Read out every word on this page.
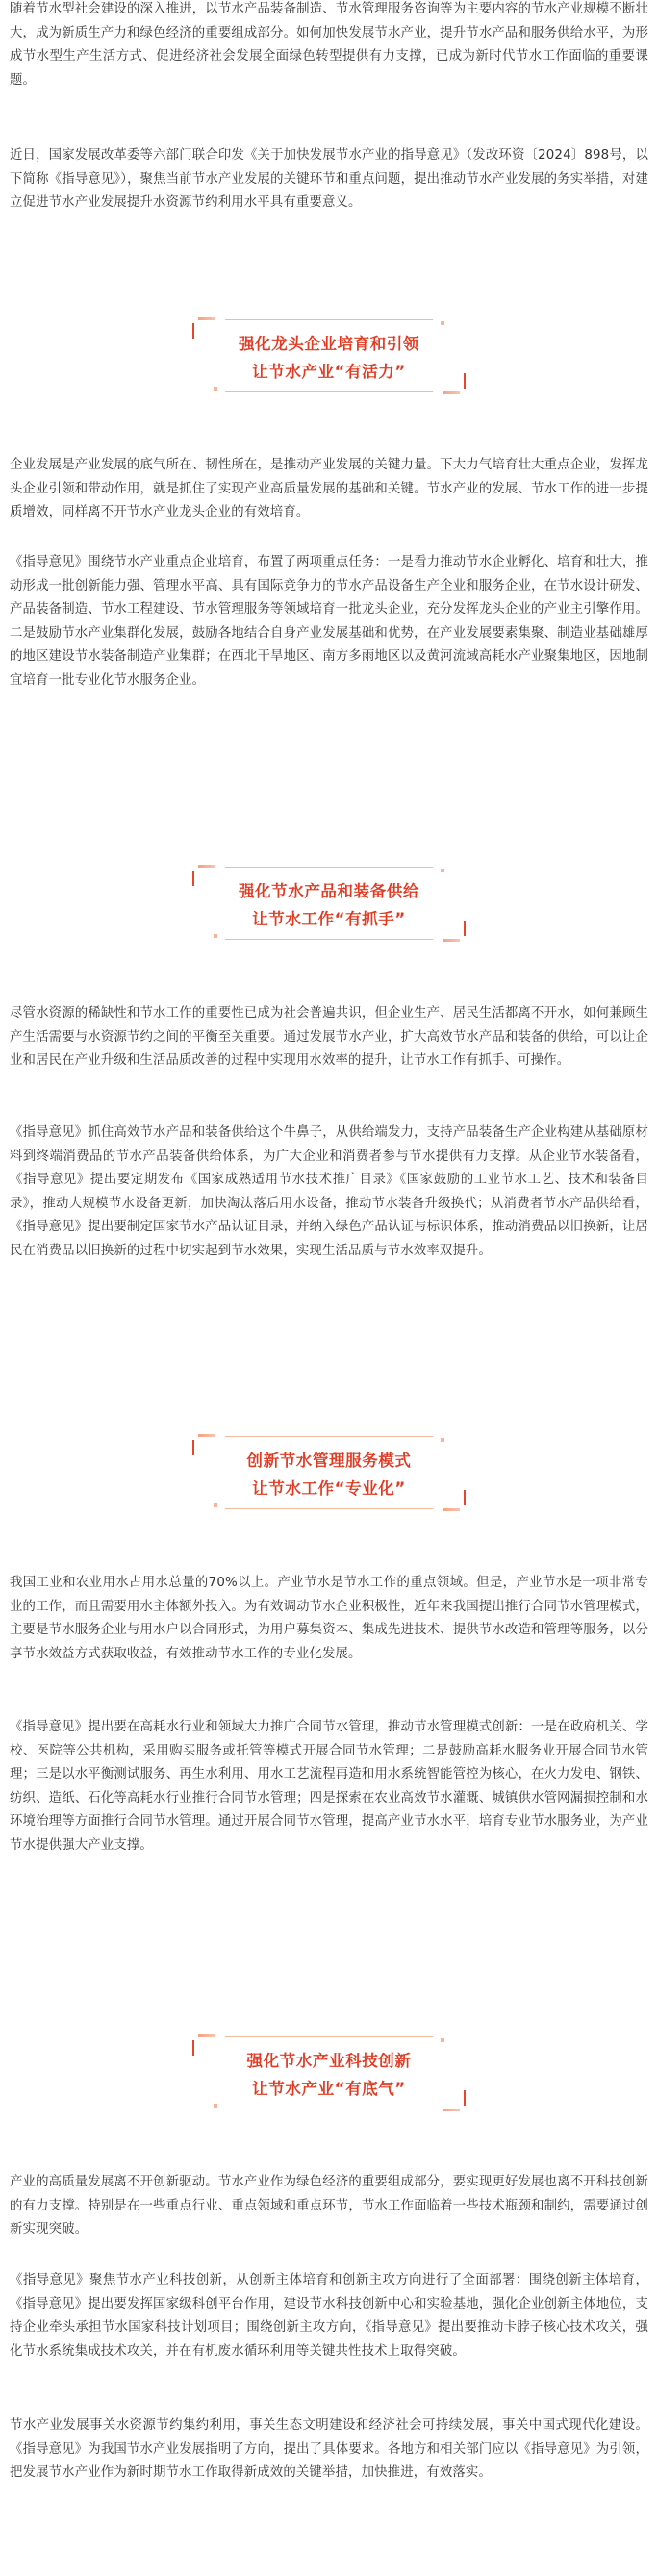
随着节水型社会建设的深入推进，以节水产品装备制造、节水管理服务咨询等为主要内容的节水产业规模不断壮大，成为新质生产力和绿色经济的重要组成部分。如何加快发展节水产业，提升节水产品和服务供给水平，为形成节水型生产生活方式、促进经济社会发展全面绿色转型提供有力支撑，已成为新时代节水工作面临的重要课题。

近日，国家发展改革委等六部门联合印发《关于加快发展节水产业的指导意见》（发改环资〔2024〕898号，以下简称《指导意见》），聚焦当前节水产业发展的关键环节和重点问题，提出推动节水产业发展的务实举措，对建立促进节水产业发展提升水资源节约利用水平具有重要意义。

强化龙头企业培育和引领

让节水产业“有活力”

企业发展是产业发展的底气所在、韧性所在，是推动产业发展的关键力量。下大力气培育壮大重点企业，发挥龙头企业引领和带动作用，就是抓住了实现产业高质量发展的基础和关键。节水产业的发展、节水工作的进一步提质增效，同样离不开节水产业龙头企业的有效培育。

《指导意见》围绕节水产业重点企业培育，布置了两项重点任务：一是看力推动节水企业孵化、培育和壮大，推动形成一批创新能力强、管理水平高、具有国际竞争力的节水产品设备生产企业和服务企业，在节水设计研发、产品装备制造、节水工程建设、节水管理服务等领域培育一批龙头企业，充分发挥龙头企业的产业主引擎作用。二是鼓励节水产业集群化发展，鼓励各地结合自身产业发展基础和优势，在产业发展要素集聚、制造业基础雄厚的地区建设节水装备制造产业集群；在西北干旱地区、南方多雨地区以及黄河流域高耗水产业聚集地区，因地制宜培育一批专业化节水服务企业。

强化节水产品和装备供给

让节水工作“有抓手”

尽管水资源的稀缺性和节水工作的重要性已成为社会普遍共识，但企业生产、居民生活都离不开水，如何兼顾生产生活需要与水资源节约之间的平衡至关重要。通过发展节水产业，扩大高效节水产品和装备的供给，可以让企业和居民在产业升级和生活品质改善的过程中实现用水效率的提升，让节水工作有抓手、可操作。

《指导意见》抓住高效节水产品和装备供给这个牛鼻子，从供给端发力，支持产品装备生产企业构建从基础原材料到终端消费品的节水产品装备供给体系，为广大企业和消费者参与节水提供有力支撑。从企业节水装备看，《指导意见》提出要定期发布《国家成熟适用节水技术推广目录》《国家鼓励的工业节水工艺、技术和装备目录》，推动大规模节水设备更新，加快淘汰落后用水设备，推动节水装备升级换代；从消费者节水产品供给看，《指导意见》提出要制定国家节水产品认证目录，并纳入绿色产品认证与标识体系，推动消费品以旧换新，让居民在消费品以旧换新的过程中切实起到节水效果，实现生活品质与节水效率双提升。

创新节水管理服务模式

让节水工作“专业化”

我国工业和农业用水占用水总量的70%以上。产业节水是节水工作的重点领域。但是，产业节水是一项非常专业的工作，而且需要用水主体额外投入。为有效调动节水企业积极性，近年来我国提出推行合同节水管理模式，主要是节水服务企业与用水户以合同形式，为用户募集资本、集成先进技术、提供节水改造和管理等服务，以分享节水效益方式获取收益，有效推动节水工作的专业化发展。

《指导意见》提出要在高耗水行业和领域大力推广合同节水管理，推动节水管理模式创新：一是在政府机关、学校、医院等公共机构，采用购买服务或托管等模式开展合同节水管理；二是鼓励高耗水服务业开展合同节水管理；三是以水平衡测试服务、再生水利用、用水工艺流程再造和用水系统智能管控为核心，在火力发电、钢铁、纺织、造纸、石化等高耗水行业推行合同节水管理；四是探索在农业高效节水灌溉、城镇供水管网漏损控制和水环境治理等方面推行合同节水管理。通过开展合同节水管理，提高产业节水水平，培育专业节水服务业，为产业节水提供强大产业支撑。

强化节水产业科技创新

让节水产业“有底气”

产业的高质量发展离不开创新驱动。节水产业作为绿色经济的重要组成部分，要实现更好发展也离不开科技创新的有力支撑。特别是在一些重点行业、重点领域和重点环节，节水工作面临着一些技术瓶颈和制约，需要通过创新实现突破。

《指导意见》聚焦节水产业科技创新，从创新主体培育和创新主攻方向进行了全面部署：围绕创新主体培育，《指导意见》提出要发挥国家级科创平台作用，建设节水科技创新中心和实验基地，强化企业创新主体地位，支持企业牵头承担节水国家科技计划项目；围绕创新主攻方向，《指导意见》提出要推动卡脖子核心技术攻关，强化节水系统集成技术攻关，并在有机废水循环利用等关键共性技术上取得突破。

节水产业发展事关水资源节约集约利用，事关生态文明建设和经济社会可持续发展，事关中国式现代化建设。《指导意见》为我国节水产业发展指明了方向，提出了具体要求。各地方和相关部门应以《指导意见》为引领，把发展节水产业作为新时期节水工作取得新成效的关键举措，加快推进，有效落实。
